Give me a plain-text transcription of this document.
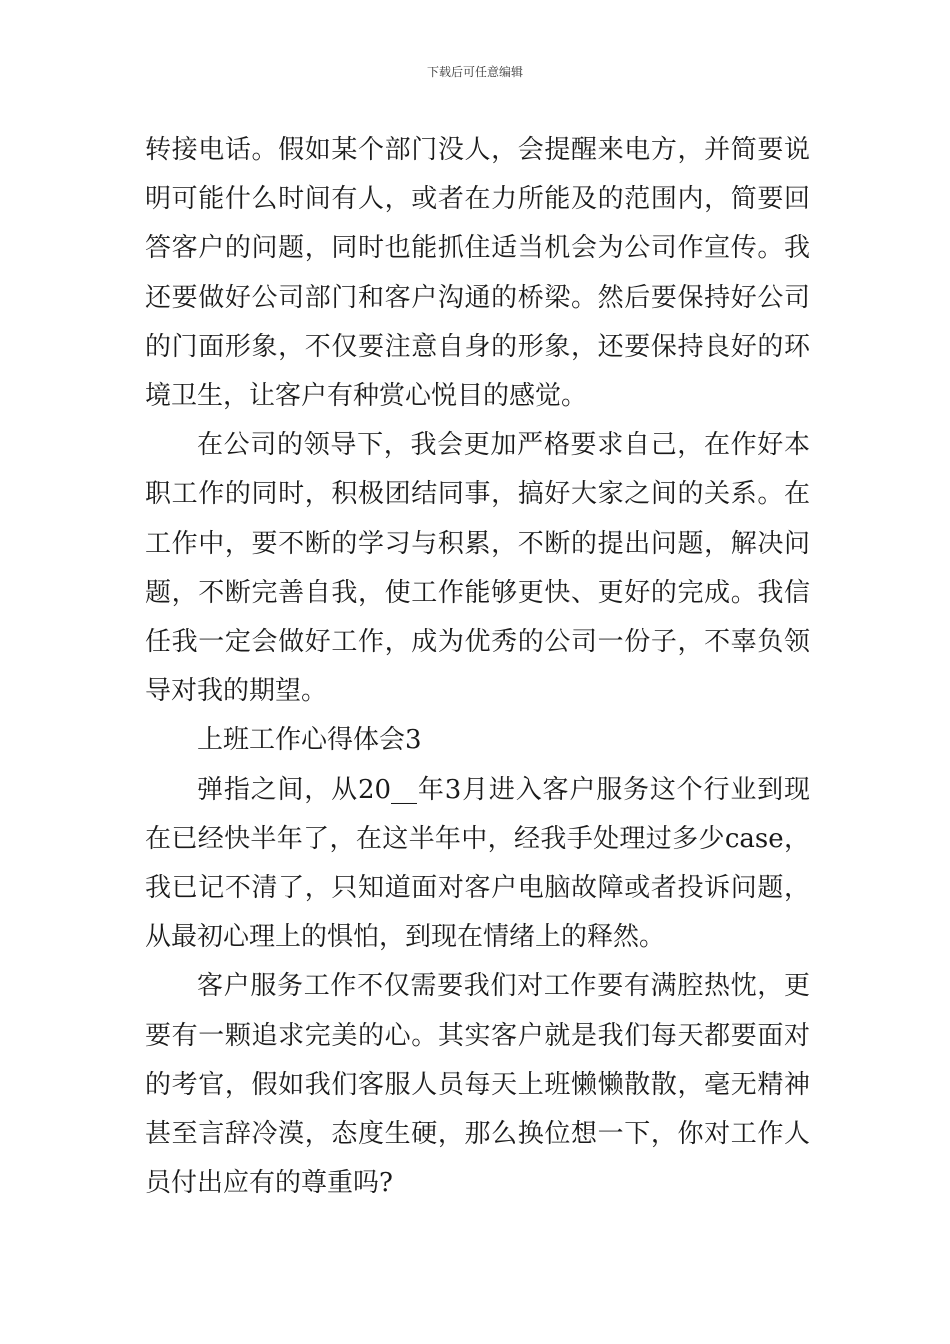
下载后可任意编辑

转接电话。假如某个部门没人，会提醒来电方，并简要说明可能什么时间有人，或者在力所能及的范围内，简要回答客户的问题，同时也能抓住适当机会为公司作宣传。我还要做好公司部门和客户沟通的桥梁。然后要保持好公司的门面形象，不仅要注意自身的形象，还要保持良好的环境卫生，让客户有种赏心悦目的感觉。

在公司的领导下，我会更加严格要求自己，在作好本职工作的同时，积极团结同事，搞好大家之间的关系。在工作中，要不断的学习与积累，不断的提出问题，解决问题，不断完善自我，使工作能够更快、更好的完成。我信任我一定会做好工作，成为优秀的公司一份子，不辜负领导对我的期望。

上班工作心得体会3

弹指之间，从20__年3月进入客户服务这个行业到现在已经快半年了，在这半年中，经我手处理过多少case，我已记不清了，只知道面对客户电脑故障或者投诉问题，从最初心理上的惧怕，到现在情绪上的释然。

客户服务工作不仅需要我们对工作要有满腔热忱，更要有一颗追求完美的心。其实客户就是我们每天都要面对的考官，假如我们客服人员每天上班懒懒散散，毫无精神甚至言辞冷漠，态度生硬，那么换位想一下，你对工作人员付出应有的尊重吗?
